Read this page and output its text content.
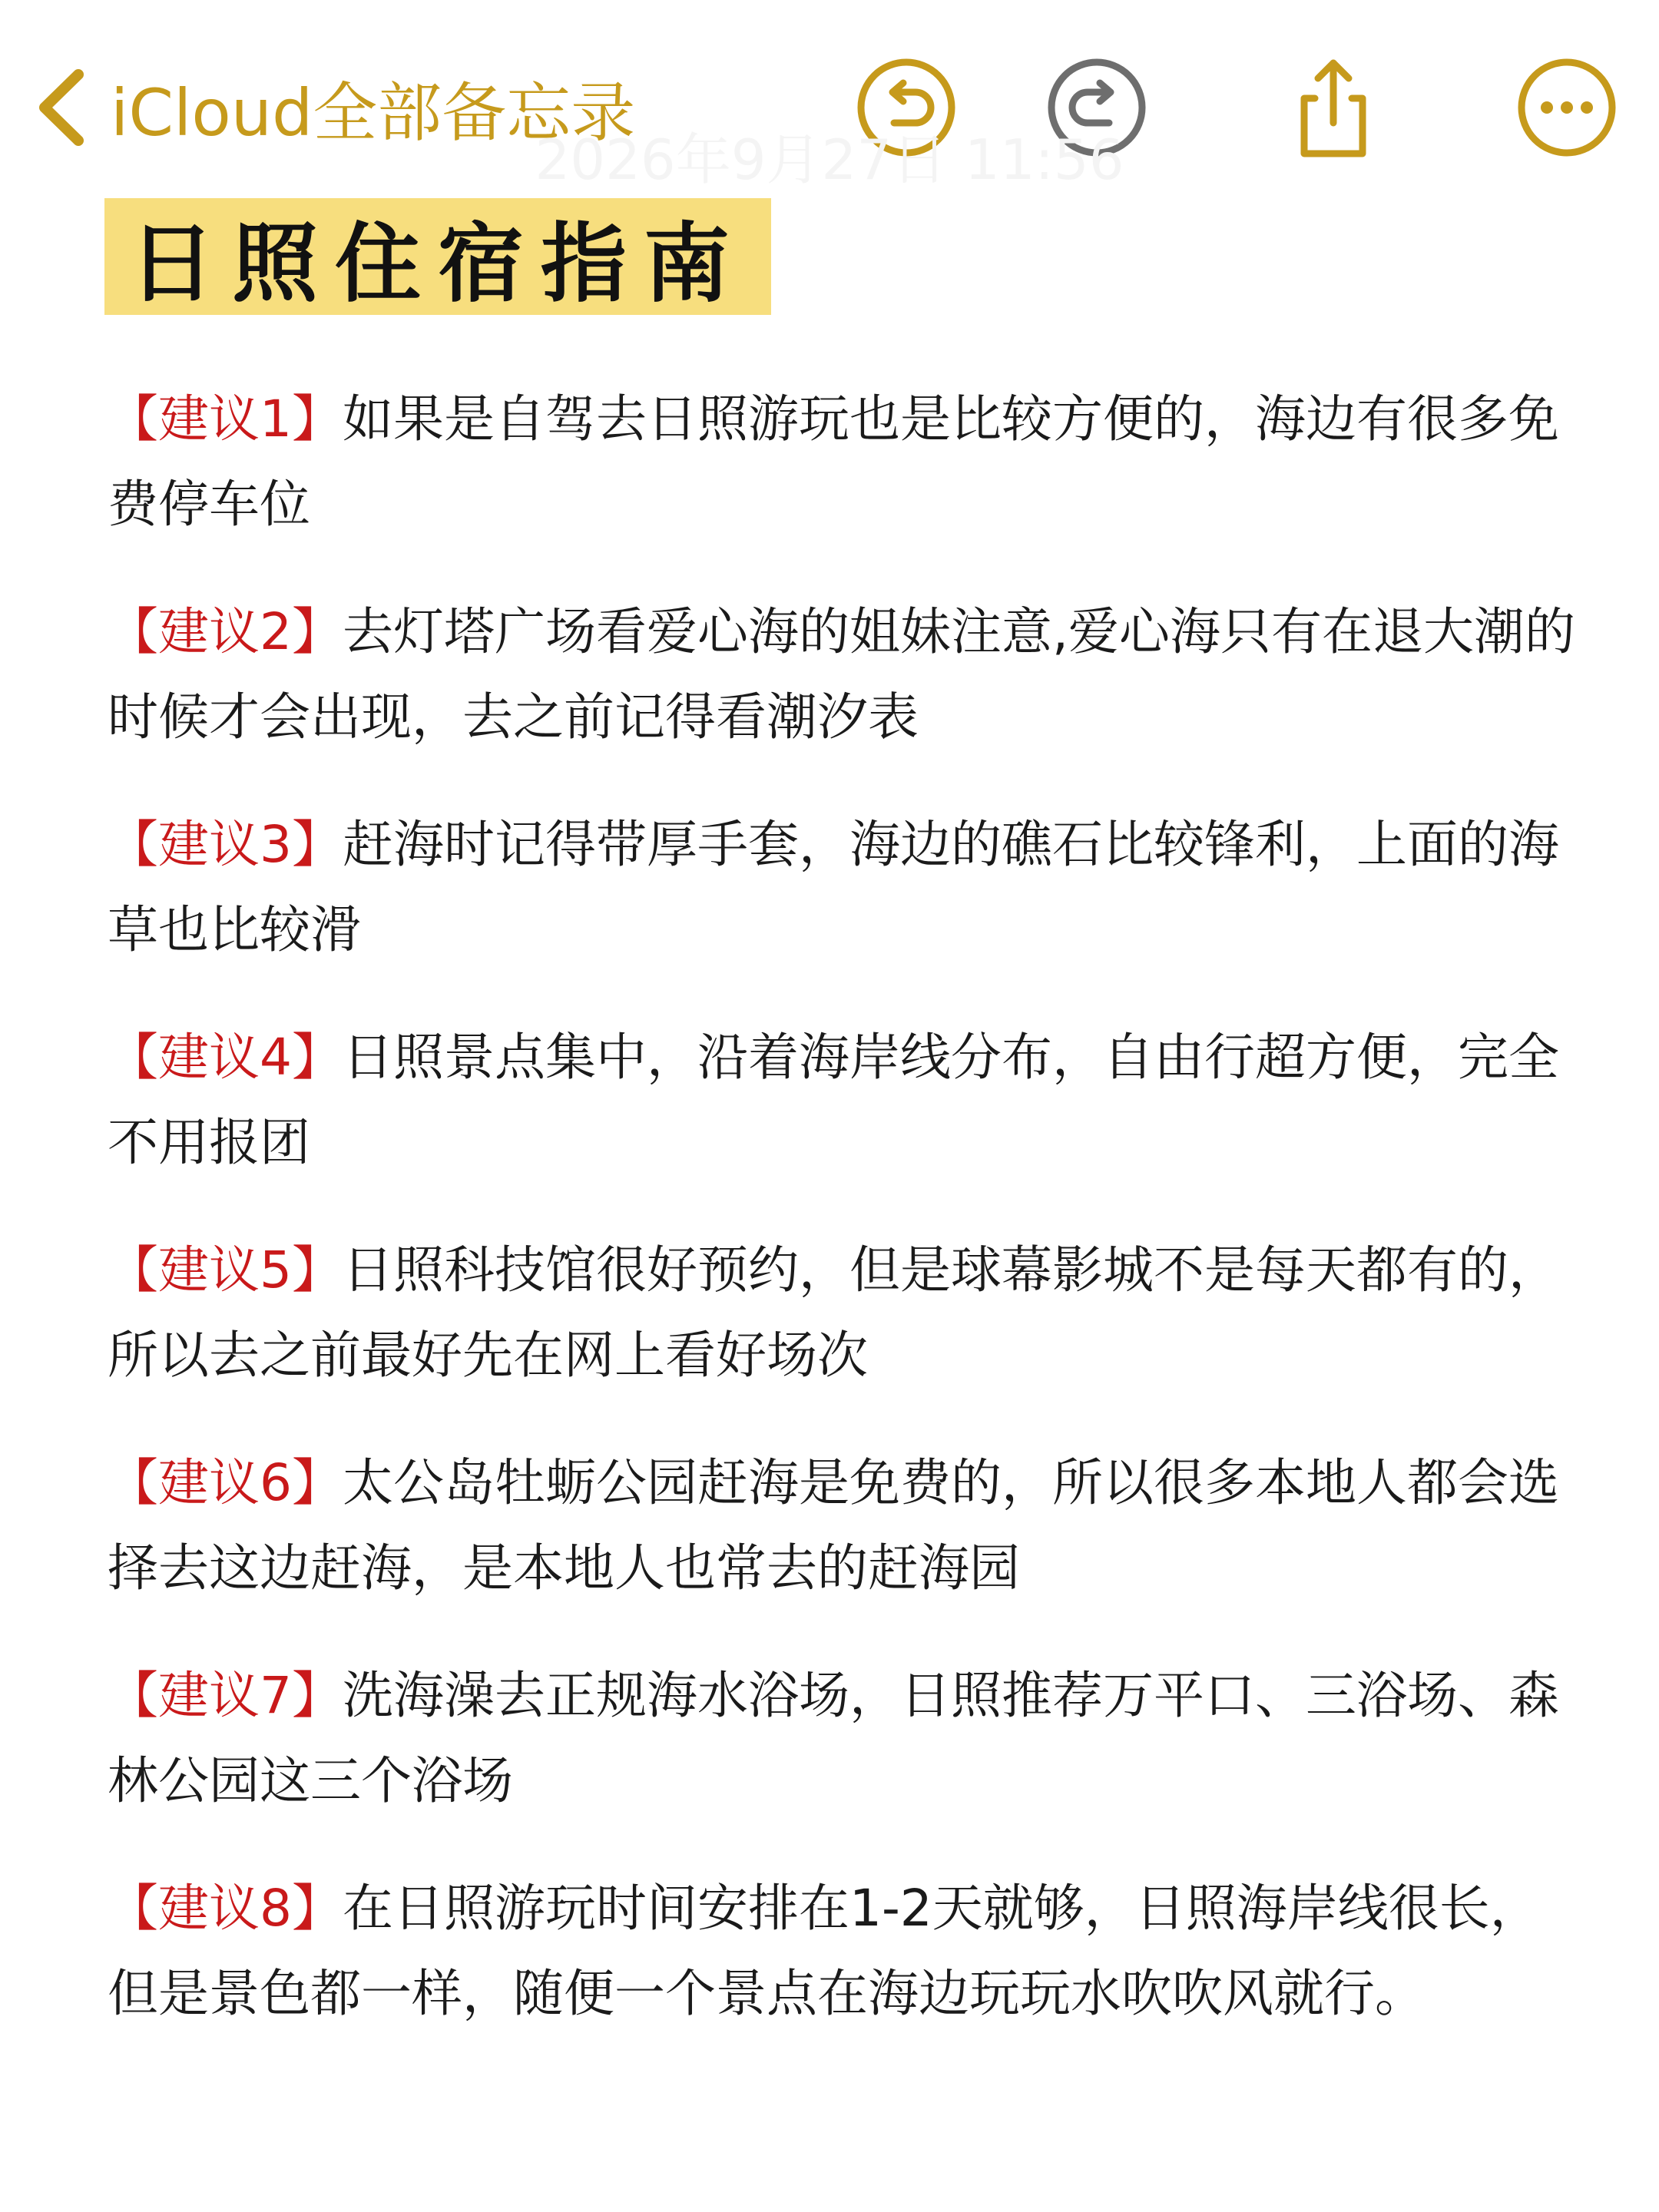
iCloud全部备忘录
2026年9月27日 11:56
日照住宿指南

【建议1】如果是自驾去日照游玩也是比较方便的，海边有很多免费停车位

【建议2】去灯塔广场看爱心海的姐妹注意,爱心海只有在退大潮的时候才会出现，去之前记得看潮汐表

【建议3】赶海时记得带厚手套，海边的礁石比较锋利，上面的海草也比较滑

【建议4】日照景点集中，沿着海岸线分布，自由行超方便，完全不用报团

【建议5】日照科技馆很好预约，但是球幕影城不是每天都有的，所以去之前最好先在网上看好场次

【建议6】太公岛牡蛎公园赶海是免费的，所以很多本地人都会选择去这边赶海，是本地人也常去的赶海园

【建议7】洗海澡去正规海水浴场，日照推荐万平口、三浴场、森林公园这三个浴场

【建议8】在日照游玩时间安排在1-2天就够，日照海岸线很长，但是景色都一样，随便一个景点在海边玩玩水吹吹风就行。
